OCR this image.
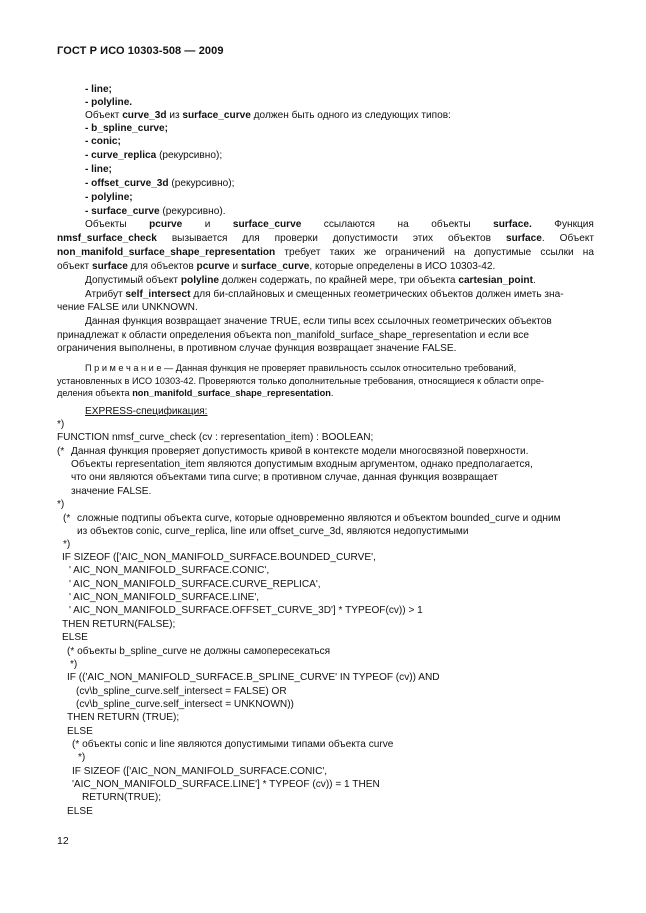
ГОСТ Р ИСО 10303-508 — 2009
- line;
- polyline.
Объект curve_3d из surface_curve должен быть одного из следующих типов:
- b_spline_curve;
- conic;
- curve_replica (рекурсивно);
- line;
- offset_curve_3d (рекурсивно);
- polyline;
- surface_curve (рекурсивно).
Объекты pcurve и surface_curve ссылаются на объекты surface. Функция
nmsf_surface_check вызывается для проверки допустимости этих объектов surface. Объект
non_manifold_surface_shape_representation требует таких же ограничений на допустимые ссылки на
объект surface для объектов pcurve и surface_curve, которые определены в ИСО 10303-42.
Допустимый объект polyline должен содержать, по крайней мере, три объекта cartesian_point.
Атрибут self_intersect для би-сплайновых и смещенных геометрических объектов должен иметь зна-
чение FALSE или UNKNOWN.
Данная функция возвращает значение TRUE, если типы всех ссылочных геометрических объектов
принадлежат к области определения объекта non_manifold_surface_shape_representation и если все
ограничения выполнены, в противном случае функция возвращает значение FALSE.
П р и м е ч а н и е — Данная функция не проверяет правильность ссылок относительно требований,
установленных в ИСО 10303-42. Проверяются только дополнительные требования, относящиеся к области опре-
деления объекта non_manifold_surface_shape_representation.
EXPRESS-спецификация:
*)
FUNCTION nmsf_curve_check (cv : representation_item) : BOOLEAN;
(* Данная функция проверяет допустимость кривой в контексте модели многосвязной поверхности.
Объекты representation_item являются допустимым входным аргументом, однако предполагается,
что они являются объектами типа curve; в противном случае, данная функция возвращает
значение FALSE.
*)
(* сложные подтипы объекта curve, которые одновременно являются и объектом bounded_curve и одним
из объектов conic, curve_replica, line или offset_curve_3d, являются недопустимыми
*)
IF SIZEOF (['AIC_NON_MANIFOLD_SURFACE.BOUNDED_CURVE',
' AIC_NON_MANIFOLD_SURFACE.CONIC',
' AIC_NON_MANIFOLD_SURFACE.CURVE_REPLICA',
' AIC_NON_MANIFOLD_SURFACE.LINE',
' AIC_NON_MANIFOLD_SURFACE.OFFSET_CURVE_3D'] * TYPEOF(cv)) > 1
THEN RETURN(FALSE);
ELSE
(* объекты b_spline_curve не должны самопересекаться
*)
IF (('AIC_NON_MANIFOLD_SURFACE.B_SPLINE_CURVE' IN TYPEOF (cv)) AND
(cv\b_spline_curve.self_intersect = FALSE) OR
(cv\b_spline_curve.self_intersect = UNKNOWN))
THEN RETURN (TRUE);
ELSE
(* объекты conic и line являются допустимыми типами объекта curve
*)
IF SIZEOF (['AIC_NON_MANIFOLD_SURFACE.CONIC',
'AIC_NON_MANIFOLD_SURFACE.LINE'] * TYPEOF (cv)) = 1 THEN
RETURN(TRUE);
ELSE
12
